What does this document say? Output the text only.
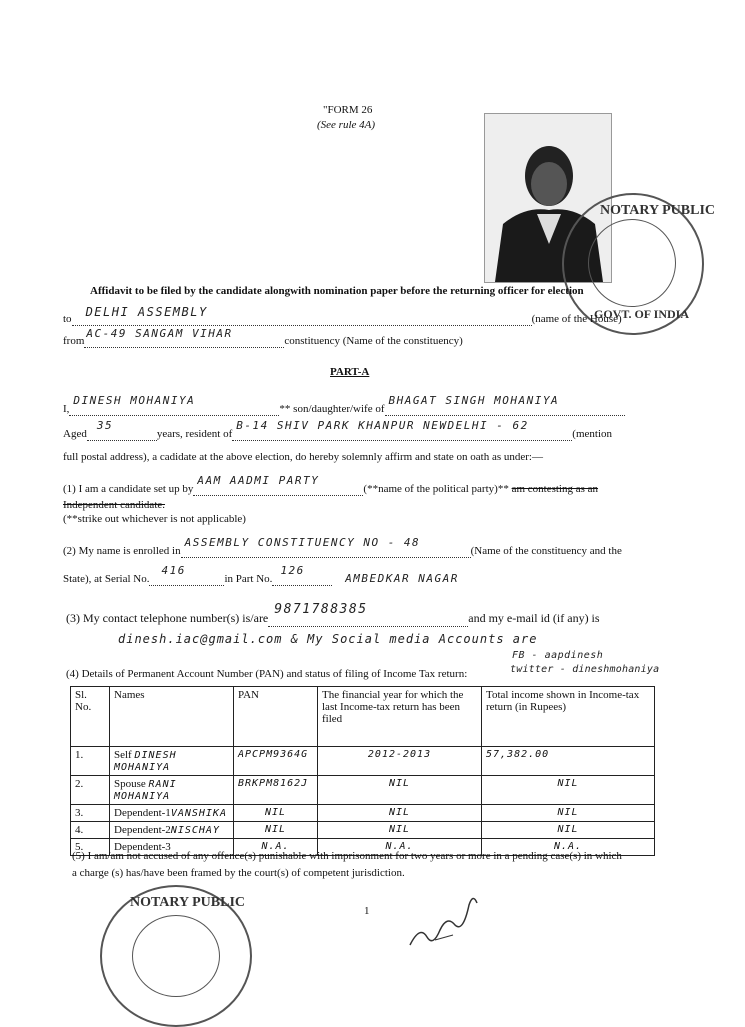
"FORM 26
(See rule 4A)
NOTARY PUBLIC
GOVT. OF INDIA
Affidavit to be filed by the candidate alongwith nomination paper before the returning officer for election
to DELHI ASSEMBLY	(name of the House)
from
AC-49 SANGAM VIHAR
constituency (Name of the constituency)
PART-A
I,
DINESH MOHANIYA
** son/daughter/wife of
BHAGAT SINGH MOHANIYA

Aged
35
years, resident of
B-14 SHIV PARK KHANPUR NEWDELHI - 62
(mention
full postal address), a cadidate at the above election, do hereby solemnly affirm and state on oath as under:—
(1) I am a candidate set up by
AAM AADMI PARTY
(**name of the political party)** am contesting as an
Independent candidate.
(**strike out whichever is not applicable)
(2) My name is enrolled in
ASSEMBLY CONSTITUENCY NO - 48
(Name of the constituency and the
State), at Serial No.
416
in Part No.
126
AMBEDKAR NAGAR
(3) My contact telephone number(s) is/are
9871788385
and my e-mail id (if any) is
dinesh.iac@gmail.com & My Social media Accounts are
FB - aapdinesh
twitter - dineshmohaniya
(4) Details of Permanent Account Number (PAN) and status of filing of Income Tax return:
Sl. No.	Names	PAN	The financial year for which the last Income-tax return has been filed	Total income shown in Income-tax return (in Rupees)
1.	Self DINESH MOHANIYA	APCPM9364G	2012-2013	57,382.00
2.	Spouse RANI MOHANIYA	BRKPM8162J	NIL	NIL
3.	Dependent-1VANSHIKA	NIL	NIL	NIL
4.	Dependent-2NISCHAY	NIL	NIL	NIL
5.	Dependent-3	N.A.	N.A.	N.A.
(5) I am/am not accused of any offence(s) punishable with imprisonment for two years or more in a pending case(s) in which
a charge (s) has/have been framed by the court(s) of competent jurisdiction.
1
NOTARY PUBLIC
